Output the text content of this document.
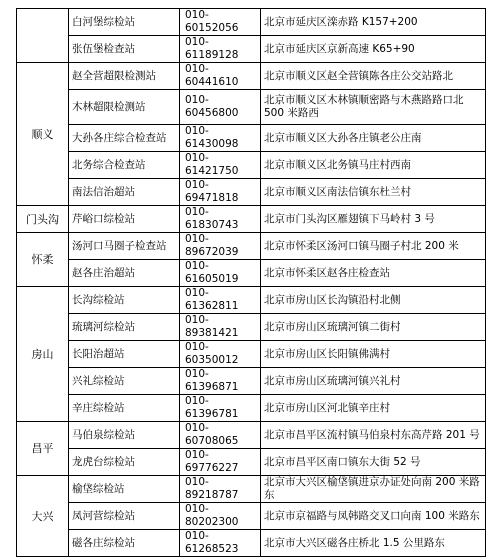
	白河堡综检站	010-60152056	北京市延庆区滦赤路 K157+200
	张伍堡检查站	010-61189128	北京市延庆区京新高速 K65+90
顺义	赵全营超限检测站	010-60441610	北京市顺义区赵全营镇陈各庄公交站路北
	木林超限检测站	010-60456800	北京市顺义区木林镇顺密路与木燕路路口北500 米路西
	大孙各庄综合检查站	010-61430098	北京市顺义区大孙各庄镇老公庄南
	北务综合检查站	010-61421750	北京市顺义区北务镇马庄村西南
	南法信治超站	010-69471818	北京市顺义区南法信镇东杜兰村
门头沟	芹峪口综检站	010-61830743	北京市门头沟区雁翅镇下马岭村 3 号
怀柔	汤河口马圈子检查站	010-89672039	北京市怀柔区汤河口镇马圈子村北 200 米
	赵各庄治超站	010-61605019	北京市怀柔区赵各庄检查站
房山	长沟综检站	010-61362811	北京市房山区长沟镇沿村北侧
	琉璃河综检站	010-89381421	北京市房山区琉璃河镇二街村
	长阳治超站	010-60350012	北京市房山区长阳镇佛满村
	兴礼综检站	010-61396871	北京市房山区琉璃河镇兴礼村
	辛庄综检站	010-61396781	北京市房山区河北镇辛庄村
昌平	马伯泉综检站	010-60708065	北京市昌平区流村镇马伯泉村东高芹路 201 号
	龙虎台综检站	010-69776227	北京市昌平区南口镇东大街 52 号
大兴	榆垡综检站	010-89218787	北京市大兴区榆垡镇进京办证处向南 200 米路东
	凤河营综检站	010-80202300	北京市京福路与凤韩路交叉口向南 100 米路东
	磁各庄综检站	010-61268523	北京市大兴区磁各庄桥北 1.5 公里路东
